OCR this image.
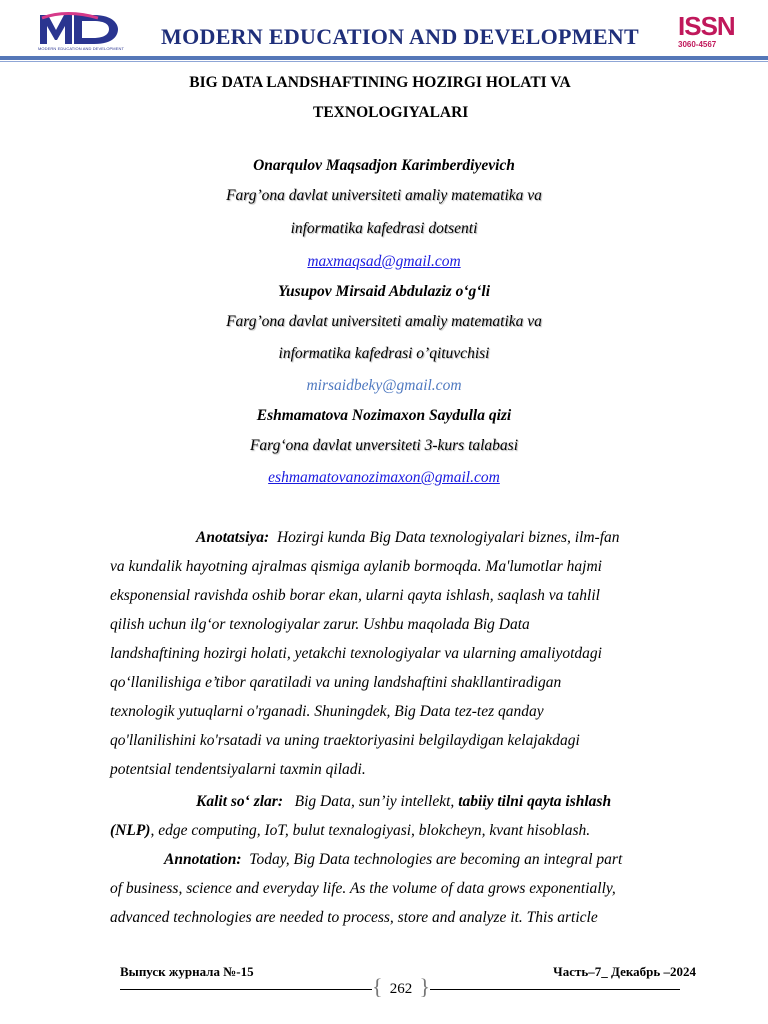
MODERN EDUCATION AND DEVELOPMENT	MODERN EDUCATION AND DEVELOPMENT	ISSN
3060-4567
BIG DATA LANDSHAFTINING HOZIRGI HOLATI VA
TEXNOLOGIYALARI
Onarqulov Maqsadjon Karimberdiyevich
Farg’ona davlat universiteti amaliy matematika va
informatika kafedrasi dotsenti
maxmaqsad@gmail.com
Yusupov Mirsaid Abdulaziz o‘g‘li
Farg’ona davlat universiteti amaliy matematika va
informatika kafedrasi o’qituvchisi
mirsaidbeky@gmail.com
Eshmamatova Nozimaxon Saydulla qizi
Farg‘ona davlat unversiteti 3-kurs talabasi
eshmamatovanozimaxon@gmail.com
Anotatsiya: Hozirgi kunda Big Data texnologiyalari biznes, ilm-fan
va kundalik hayotning ajralmas qismiga aylanib bormoqda. Ma'lumotlar hajmi
eksponensial ravishda oshib borar ekan, ularni qayta ishlash, saqlash va tahlil
qilish uchun ilg‘or texnologiyalar zarur. Ushbu maqolada Big Data
landshaftining hozirgi holati, yetakchi texnologiyalar va ularning amaliyotdagi
qo‘llanilishiga e’tibor qaratiladi va uning landshaftini shakllantiradigan
texnologik yutuqlarni o'rganadi. Shuningdek, Big Data tez-tez qanday
qo'llanilishini ko'rsatadi va uning traektoriyasini belgilaydigan kelajakdagi
potentsial tendentsiyalarni taxmin qiladi.
Kalit so‘ zlar: Big Data, sun’iy intellekt, tabiiy tilni qayta ishlash
(NLP), edge computing, IoT, bulut texnalogiyasi, blokcheyn, kvant hisoblash.
Annotation: Today, Big Data technologies are becoming an integral part
of business, science and everyday life. As the volume of data grows exponentially,
advanced technologies are needed to process, store and analyze it. This article
Выпуск журнала №-15	Часть–7_ Декабрь –2024
{ 262 }
